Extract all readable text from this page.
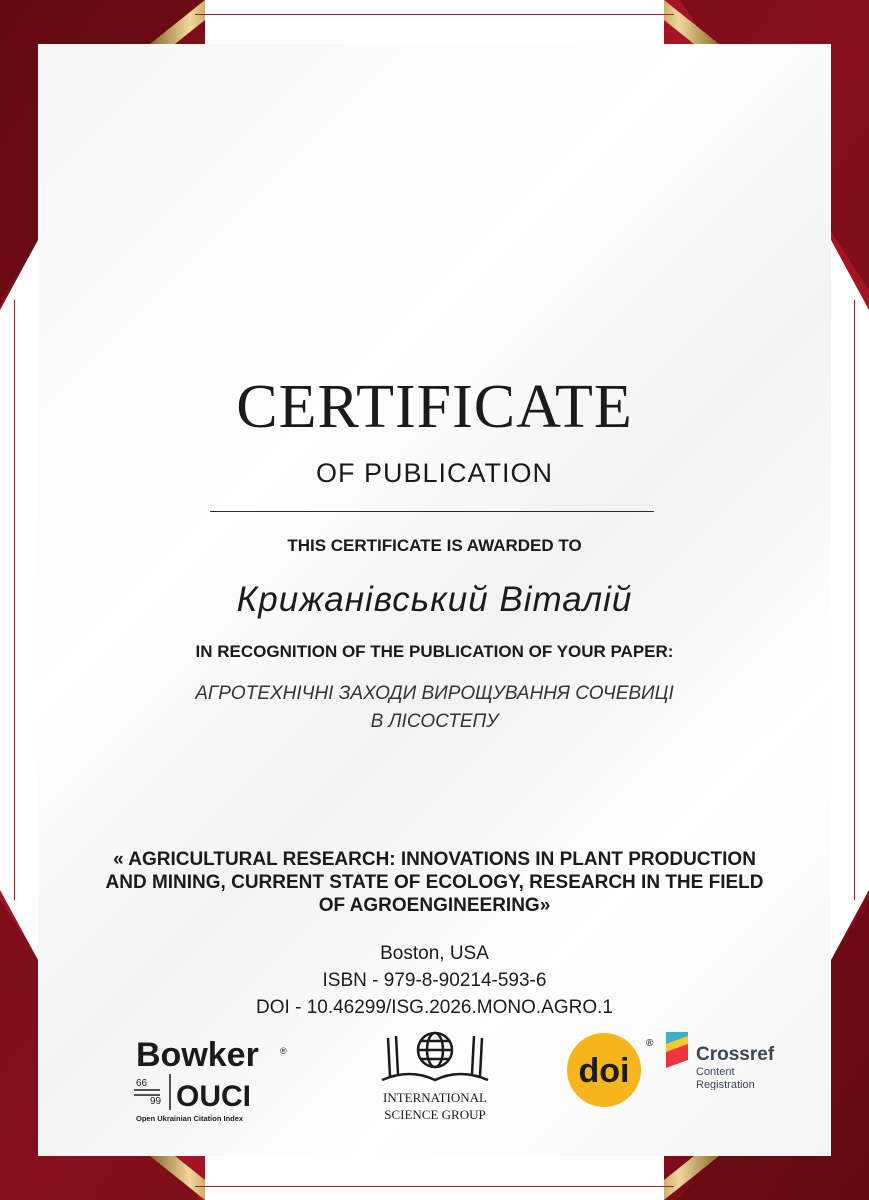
CERTIFICATE
OF PUBLICATION
THIS CERTIFICATE IS AWARDED TO
Крижанівський Віталій
IN RECOGNITION OF THE PUBLICATION OF YOUR PAPER:
АГРОТЕХНІЧНІ ЗАХОДИ ВИРОЩУВАННЯ СОЧЕВИЦІ
В ЛІСОСТЕПУ
« AGRICULTURAL RESEARCH: INNOVATIONS IN PLANT PRODUCTION
AND MINING, CURRENT STATE OF ECOLOGY, RESEARCH IN THE FIELD
OF AGROENGINEERING»
Boston, USA
ISBN - 979-8-90214-593-6
DOI - 10.46299/ISG.2026.MONO.AGRO.1
Bowker ®
66
99 OUCI
Open Ukrainian Citation Index
INTERNATIONAL
SCIENCE GROUP
doi
®
Crossref
Content
Registration
